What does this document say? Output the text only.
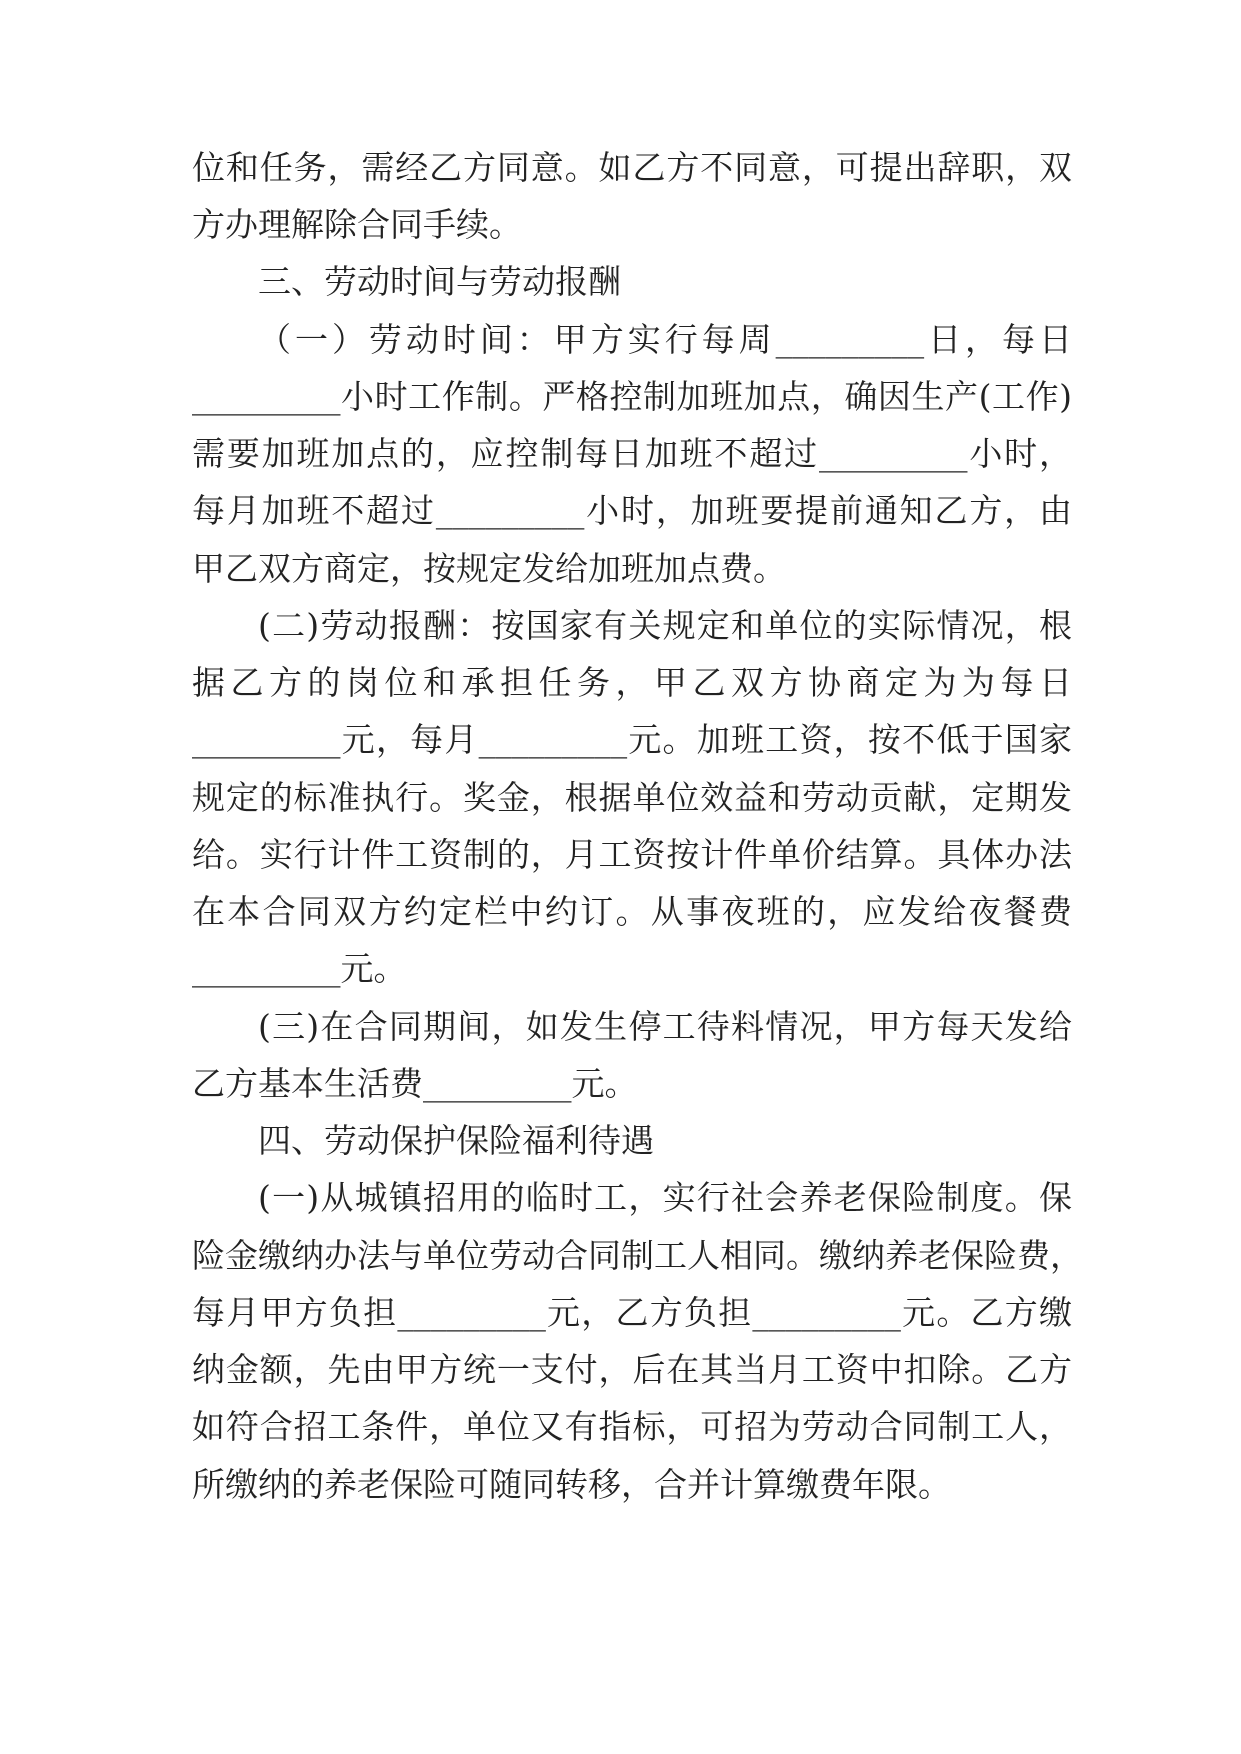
位和任务，需经乙方同意。如乙方不同意，可提出辞职，双
方办理解除合同手续。
三、劳动时间与劳动报酬
（一）劳动时间：甲方实行每周_________日，每日
_________小时工作制。严格控制加班加点，确因生产(工作)
需要加班加点的，应控制每日加班不超过_________小时，
每月加班不超过_________小时，加班要提前通知乙方，由
甲乙双方商定，按规定发给加班加点费。
(二)劳动报酬：按国家有关规定和单位的实际情况，根
据乙方的岗位和承担任务，甲乙双方协商定为为每日
_________元，每月_________元。加班工资，按不低于国家
规定的标准执行。奖金，根据单位效益和劳动贡献，定期发
给。实行计件工资制的，月工资按计件单价结算。具体办法
在本合同双方约定栏中约订。从事夜班的，应发给夜餐费
_________元。
(三)在合同期间，如发生停工待料情况，甲方每天发给
乙方基本生活费_________元。
四、劳动保护保险福利待遇
(一)从城镇招用的临时工，实行社会养老保险制度。保
险金缴纳办法与单位劳动合同制工人相同。缴纳养老保险费，
每月甲方负担_________元，乙方负担_________元。乙方缴
纳金额，先由甲方统一支付，后在其当月工资中扣除。乙方
如符合招工条件，单位又有指标，可招为劳动合同制工人，
所缴纳的养老保险可随同转移，合并计算缴费年限。
